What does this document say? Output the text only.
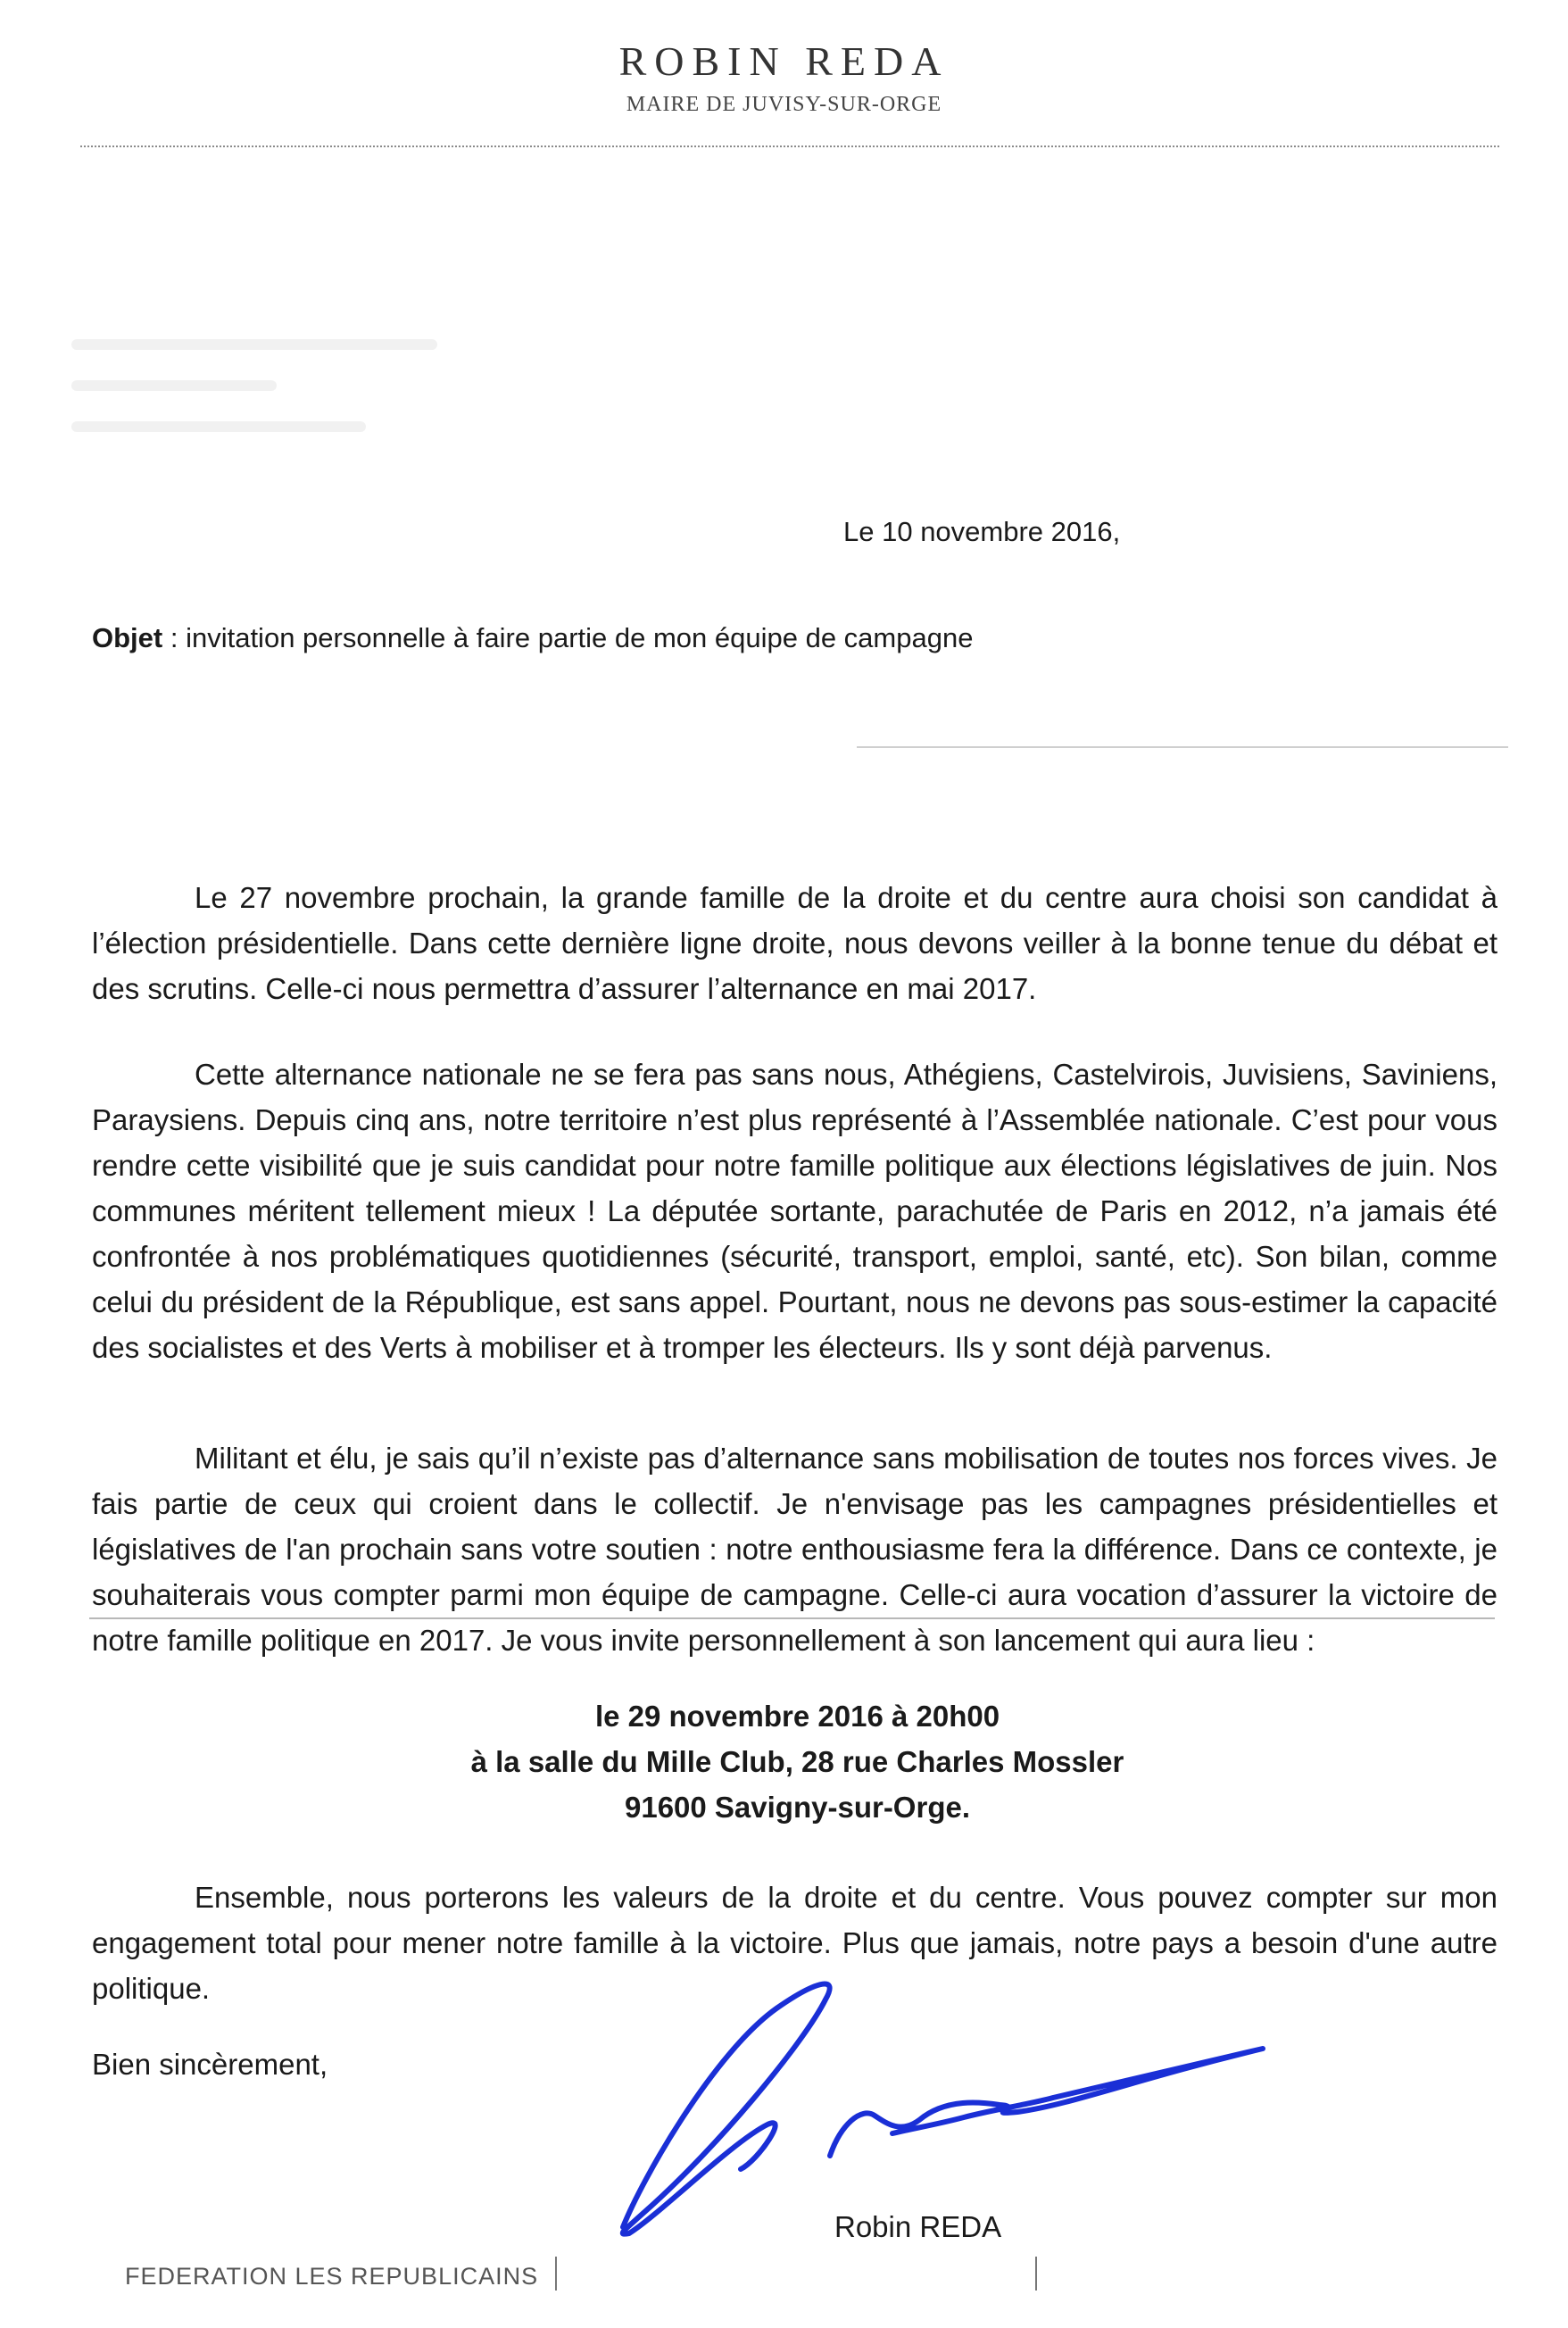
ROBIN REDA
MAIRE DE JUVISY-SUR-ORGE
Le 10 novembre 2016,
Objet : invitation personnelle à faire partie de mon équipe de campagne

Le 27 novembre prochain, la grande famille de la droite et du centre aura choisi son candidat à l’élection présidentielle. Dans cette dernière ligne droite, nous devons veiller à la bonne tenue du débat et des scrutins. Celle-ci nous permettra d’assurer l’alternance en mai 2017.

Cette alternance nationale ne se fera pas sans nous, Athégiens, Castelvirois, Juvisiens, Saviniens, Paraysiens. Depuis cinq ans, notre territoire n’est plus représenté à l’Assemblée nationale. C’est pour vous rendre cette visibilité que je suis candidat pour notre famille politique aux élections législatives de juin. Nos communes méritent tellement mieux ! La députée sortante, parachutée de Paris en 2012, n’a jamais été confrontée à nos problématiques quotidiennes (sécurité, transport, emploi, santé, etc). Son bilan, comme celui du président de la République, est sans appel. Pourtant, nous ne devons pas sous-estimer la capacité des socialistes et des Verts à mobiliser et à tromper les électeurs. Ils y sont déjà parvenus.

Militant et élu, je sais qu’il n’existe pas d’alternance sans mobilisation de toutes nos forces vives. Je fais partie de ceux qui croient dans le collectif. Je n'envisage pas les campagnes présidentielles et législatives de l'an prochain sans votre soutien : notre enthousiasme fera la différence. Dans ce contexte, je souhaiterais vous compter parmi mon équipe de campagne. Celle-ci aura vocation d’assurer la victoire de notre famille politique en 2017. Je vous invite personnellement à son lancement qui aura lieu :

le 29 novembre 2016 à 20h00
à la salle du Mille Club, 28 rue Charles Mossler
91600 Savigny-sur-Orge.

Ensemble, nous porterons les valeurs de la droite et du centre. Vous pouvez compter sur mon engagement total pour mener notre famille à la victoire. Plus que jamais, notre pays a besoin d'une autre politique.

Bien sincèrement,
Robin REDA
FEDERATION LES REPUBLICAINS
